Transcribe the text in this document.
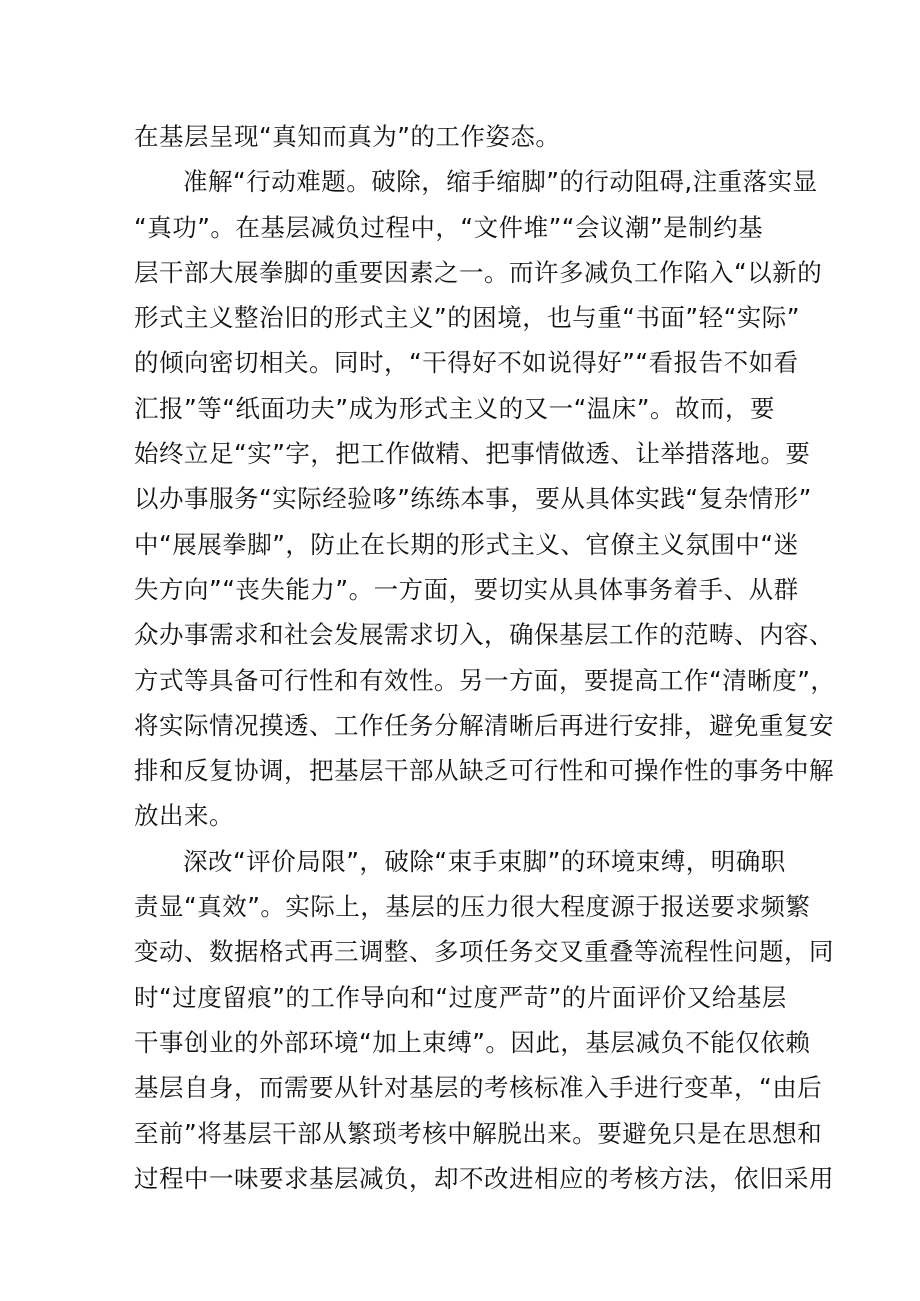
在基层呈现“真知而真为”的工作姿态。
准解“行动难题。破除，缩手缩脚”的行动阻碍,注重落实显
“真功”。在基层减负过程中，“文件堆”“会议潮”是制约基
层干部大展拳脚的重要因素之一。而许多减负工作陷入“以新的
形式主义整治旧的形式主义”的困境，也与重“书面”轻“实际”
的倾向密切相关。同时，“干得好不如说得好”“看报告不如看
汇报”等“纸面功夫”成为形式主义的又一“温床”。故而，要
始终立足“实”字，把工作做精、把事情做透、让举措落地。要
以办事服务“实际经验哆”练练本事，要从具体实践“复杂情形”
中“展展拳脚”，防止在长期的形式主义、官僚主义氛围中“迷
失方向”“丧失能力”。一方面，要切实从具体事务着手、从群
众办事需求和社会发展需求切入，确保基层工作的范畴、内容、
方式等具备可行性和有效性。另一方面，要提高工作“清晰度”，
将实际情况摸透、工作任务分解清晰后再进行安排，避免重复安
排和反复协调，把基层干部从缺乏可行性和可操作性的事务中解
放出来。
深改“评价局限”，破除“束手束脚”的环境束缚，明确职
责显“真效”。实际上，基层的压力很大程度源于报送要求频繁
变动、数据格式再三调整、多项任务交叉重叠等流程性问题，同
时“过度留痕”的工作导向和“过度严苛”的片面评价又给基层
干事创业的外部环境“加上束缚”。因此，基层减负不能仅依赖
基层自身，而需要从针对基层的考核标准入手进行变革，“由后
至前”将基层干部从繁琐考核中解脱出来。要避免只是在思想和
过程中一味要求基层减负，却不改进相应的考核方法，依旧采用
